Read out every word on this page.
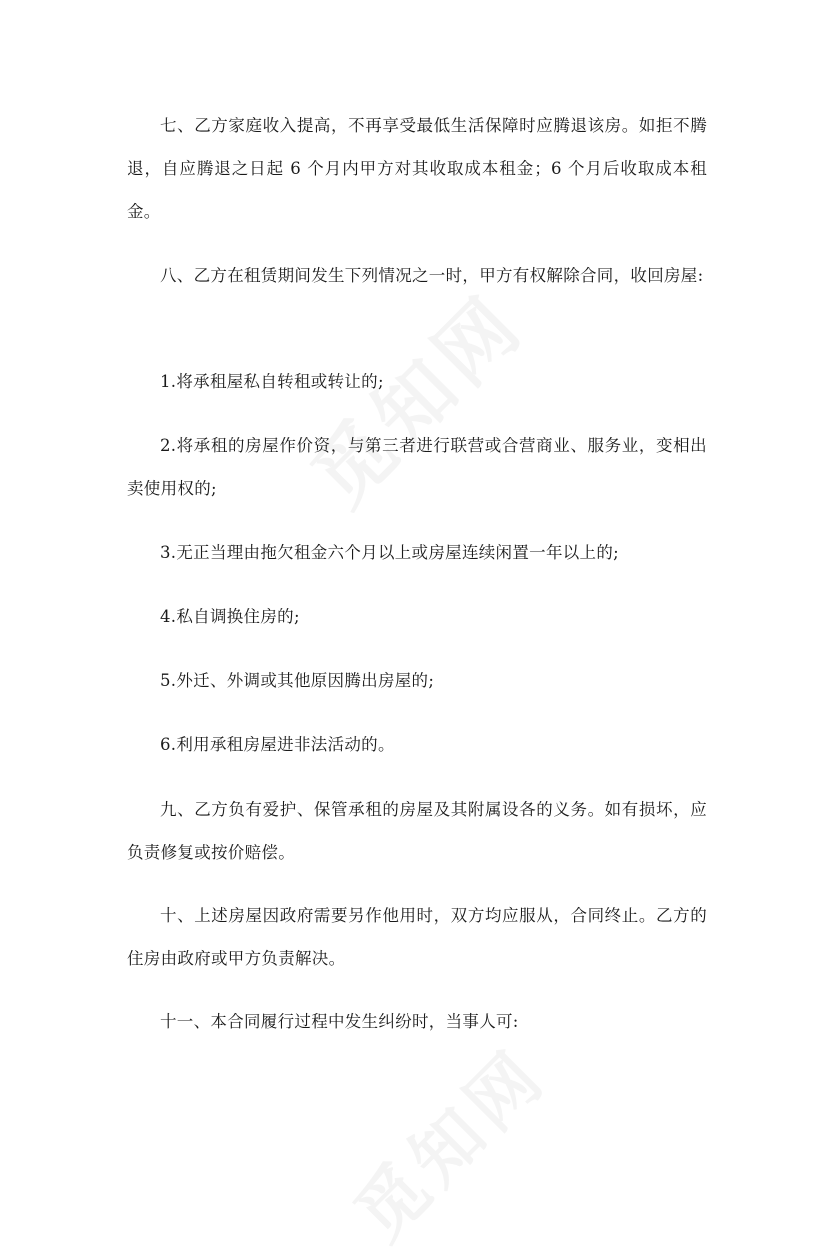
七、乙方家庭收入提高，不再享受最低生活保障时应腾退该房。如拒不腾退，自应腾退之日起 6 个月内甲方对其收取成本租金；6 个月后收取成本租金。

八、乙方在租赁期间发生下列情况之一时，甲方有权解除合同，收回房屋:

1.将承租屋私自转租或转让的;

2.将承租的房屋作价资，与第三者进行联营或合营商业、服务业，变相出卖使用权的;

3.无正当理由拖欠租金六个月以上或房屋连续闲置一年以上的;

4.私自调换住房的;

5.外迁、外调或其他原因腾出房屋的;

6.利用承租房屋进非法活动的。

九、乙方负有爱护、保管承租的房屋及其附属设各的义务。如有损坏，应负责修复或按价赔偿。

十、上述房屋因政府需要另作他用时，双方均应服从，合同终止。乙方的住房由政府或甲方负责解决。

十一、本合同履行过程中发生纠纷时，当事人可:
